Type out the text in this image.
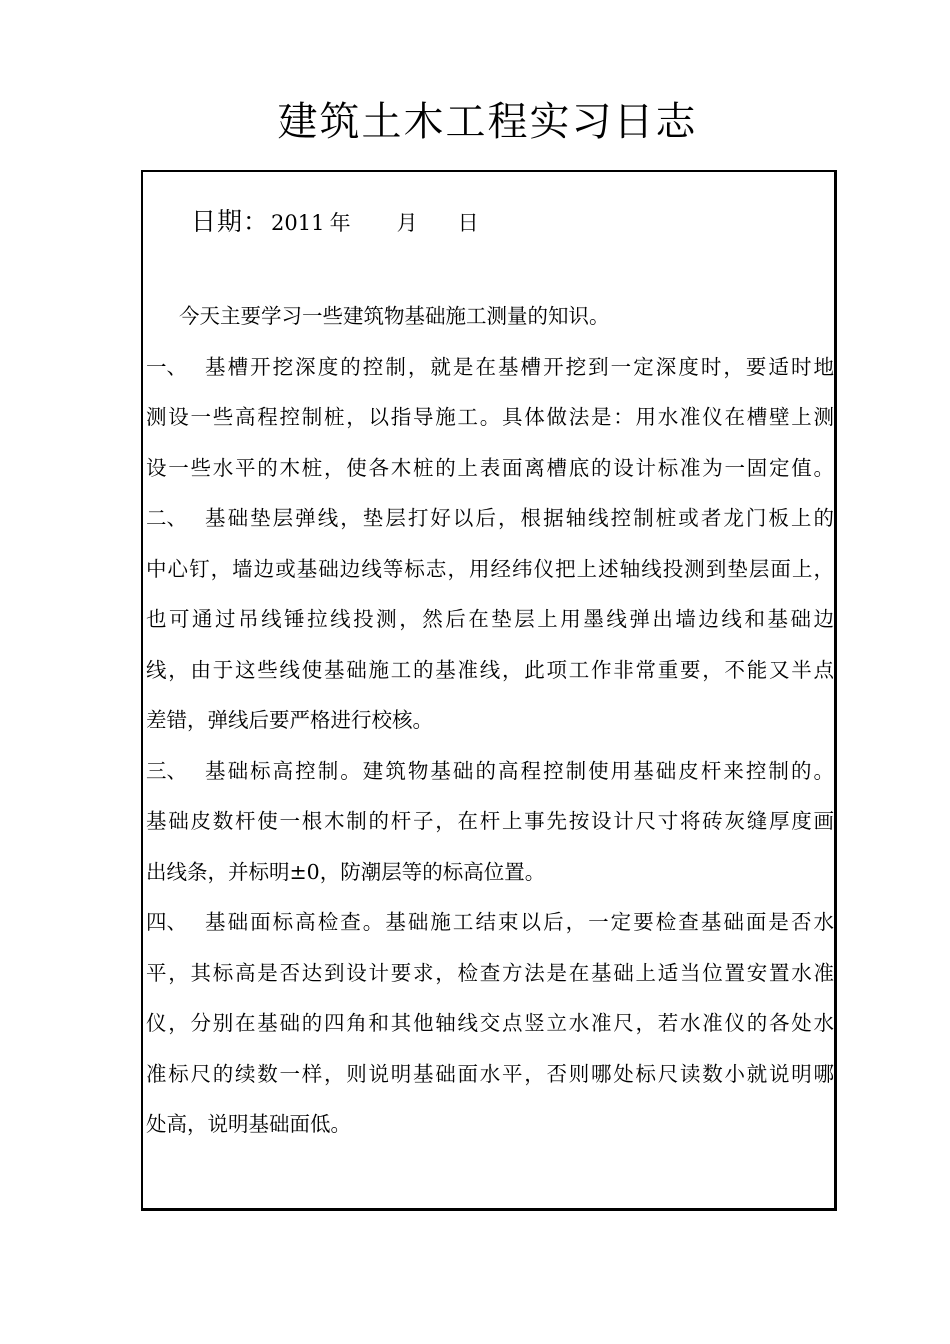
建筑土木工程实习日志
日期：2011 年 月 日
今天主要学习一些建筑物基础施工测量的知识。
一、 基槽开挖深度的控制，就是在基槽开挖到一定深度时，要适时地
测设一些高程控制桩，以指导施工。具体做法是：用水准仪在槽壁上测
设一些水平的木桩，使各木桩的上表面离槽底的设计标准为一固定值。
二、 基础垫层弹线，垫层打好以后，根据轴线控制桩或者龙门板上的
中心钉，墙边或基础边线等标志，用经纬仪把上述轴线投测到垫层面上，
也可通过吊线锤拉线投测，然后在垫层上用墨线弹出墙边线和基础边
线，由于这些线使基础施工的基准线，此项工作非常重要，不能又半点
差错，弹线后要严格进行校核。
三、 基础标高控制。建筑物基础的高程控制使用基础皮杆来控制的。
基础皮数杆使一根木制的杆子，在杆上事先按设计尺寸将砖灰缝厚度画
出线条，并标明±0，防潮层等的标高位置。
四、 基础面标高检查。基础施工结束以后，一定要检查基础面是否水
平，其标高是否达到设计要求，检查方法是在基础上适当位置安置水准
仪，分别在基础的四角和其他轴线交点竖立水准尺，若水准仪的各处水
准标尺的续数一样，则说明基础面水平，否则哪处标尺读数小就说明哪
处高，说明基础面低。
